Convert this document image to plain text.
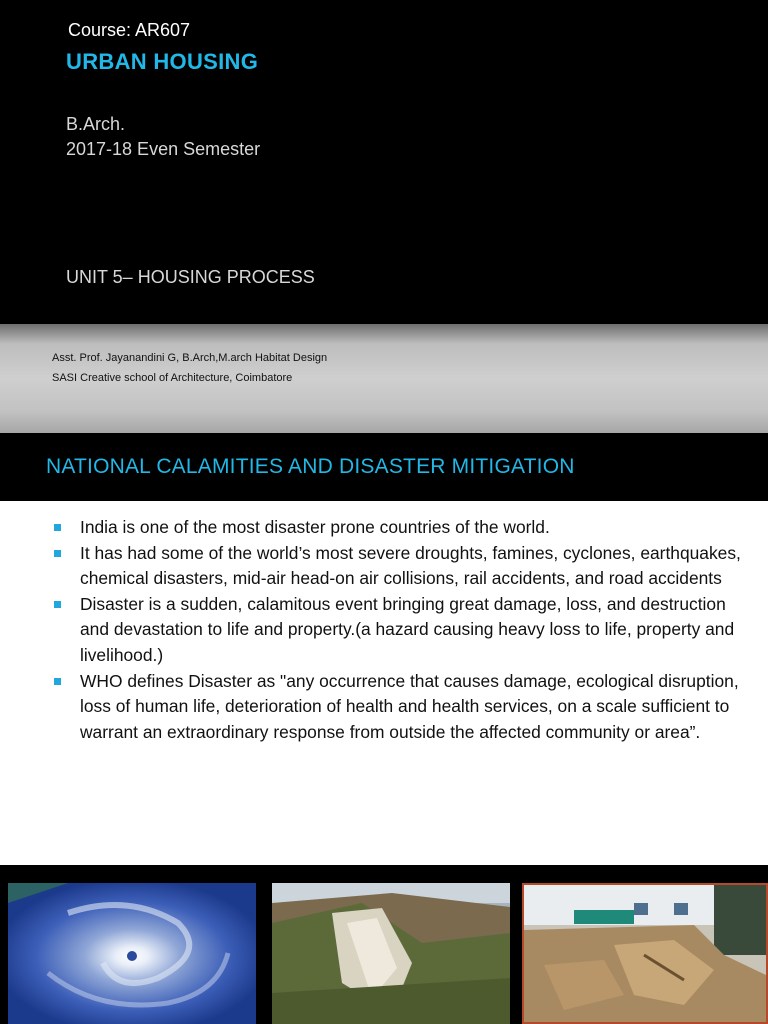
Course: AR607
URBAN HOUSING
B.Arch.
2017-18 Even Semester
UNIT 5– HOUSING PROCESS
Asst. Prof. Jayanandini G, B.Arch,M.arch Habitat Design
SASI Creative school of Architecture, Coimbatore
NATIONAL CALAMITIES AND DISASTER MITIGATION
India is one of the most disaster prone countries of the world.
It has had some of the world’s most severe droughts, famines, cyclones, earthquakes, chemical disasters, mid-air head-on air collisions, rail accidents, and road accidents
Disaster is a sudden, calamitous event bringing great damage, loss, and destruction and devastation to life and property.(a hazard causing heavy loss to life, property and livelihood.)
WHO defines Disaster as "any occurrence that causes damage, ecological disruption, loss of human life, deterioration of health and health services, on a scale sufficient to warrant an extraordinary response from outside the affected community or area”.
